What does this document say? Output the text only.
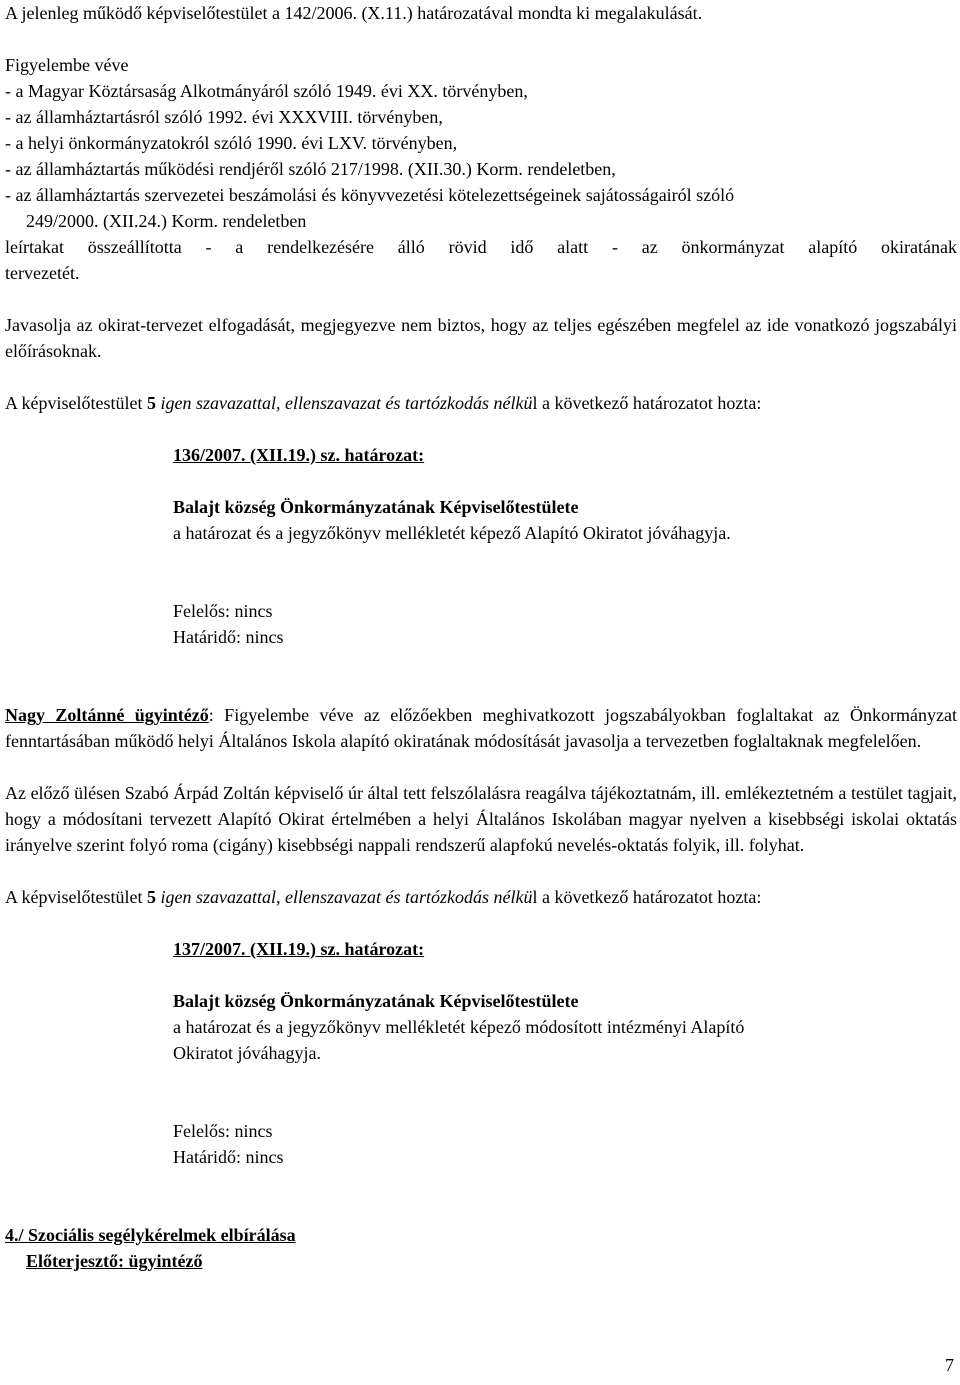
A jelenleg működő képviselőtestület a 142/2006. (X.11.) határozatával mondta ki megalakulását.

Figyelembe véve

- a Magyar Köztársaság Alkotmányáról szóló 1949. évi XX. törvényben,

- az államháztartásról szóló 1992. évi XXXVIII. törvényben,

- a helyi önkormányzatokról szóló 1990. évi LXV. törvényben,

- az államháztartás működési rendjéről szóló 217/1998. (XII.30.) Korm. rendeletben,

- az államháztartás szervezetei beszámolási és könyvvezetési kötelezettségeinek sajátosságairól szóló

249/2000. (XII.24.) Korm. rendeletben

leírtakat összeállította - a rendelkezésére álló rövid idő alatt - az önkormányzat alapító okiratának

tervezetét.

Javasolja az okirat-tervezet elfogadását, megjegyezve nem biztos, hogy az teljes egészében megfelel az ide vonatkozó jogszabályi előírásoknak.

A képviselőtestület 5 igen szavazattal, ellenszavazat és tartózkodás nélkül a következő határozatot hozta:

136/2007. (XII.19.) sz. határozat:

Balajt község Önkormányzatának Képviselőtestülete

a határozat és a jegyzőkönyv mellékletét képező Alapító Okiratot jóváhagyja.

Felelős: nincs

Határidő: nincs

Nagy Zoltánné ügyintéző: Figyelembe véve az előzőekben meghivatkozott jogszabályokban foglaltakat az Önkormányzat fenntartásában működő helyi Általános Iskola alapító okiratának módosítását javasolja a tervezetben foglaltaknak megfelelően.

Az előző ülésen Szabó Árpád Zoltán képviselő úr által tett felszólalásra reagálva tájékoztatnám, ill. emlékeztetném a testület tagjait, hogy a módosítani tervezett Alapító Okirat értelmében a helyi Általános Iskolában magyar nyelven a kisebbségi iskolai oktatás irányelve szerint folyó roma (cigány) kisebbségi nappali rendszerű alapfokú nevelés-oktatás folyik, ill. folyhat.

A képviselőtestület 5 igen szavazattal, ellenszavazat és tartózkodás nélkül a következő határozatot hozta:

137/2007. (XII.19.) sz. határozat:

Balajt község Önkormányzatának Képviselőtestülete

a határozat és a jegyzőkönyv mellékletét képező módosított intézményi Alapító

Okiratot jóváhagyja.

Felelős: nincs

Határidő: nincs

4./ Szociális segélykérelmek elbírálása

Előterjesztő: ügyintéző

7
